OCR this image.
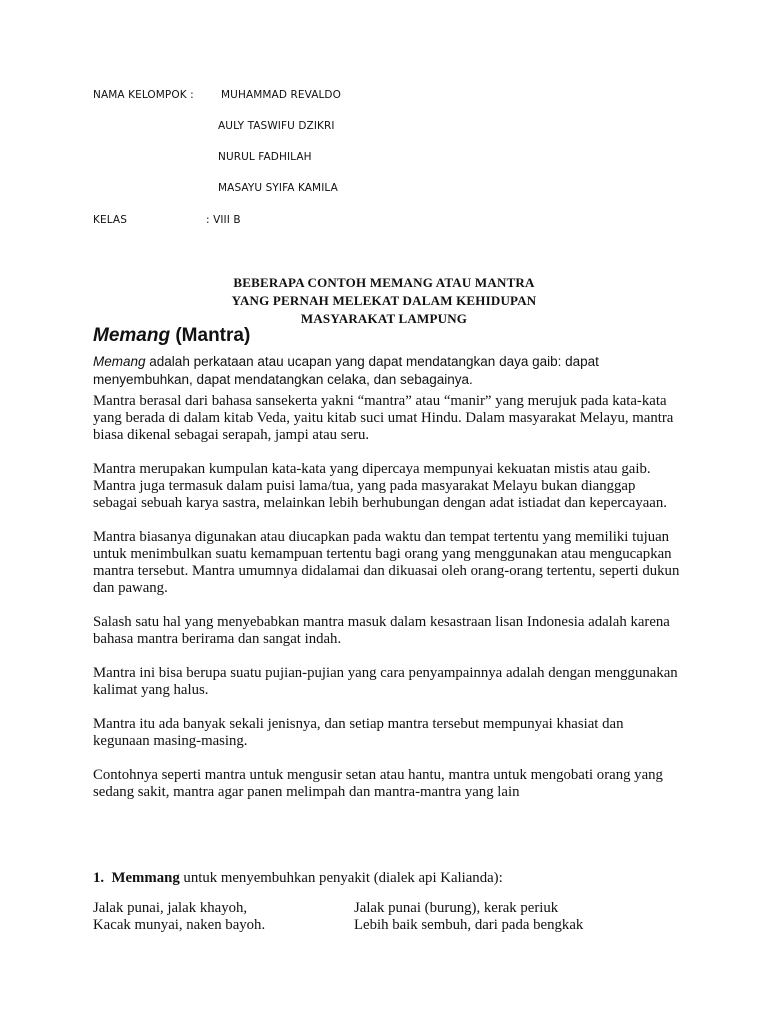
NAMA KELOMPOK :	MUHAMMAD REVALDO
AULY TASWIFU DZIKRI
NURUL FADHILAH
MASAYU SYIFA KAMILA
KELAS	: VIII B
BEBERAPA CONTOH MEMANG ATAU MANTRA
YANG PERNAH MELEKAT DALAM KEHIDUPAN
MASYARAKAT LAMPUNG
Memang (Mantra)
Memang adalah perkataan atau ucapan yang dapat mendatangkan daya gaib: dapat menyembuhkan, dapat mendatangkan celaka, dan sebagainya.

Mantra berasal dari bahasa sansekerta yakni “mantra” atau “manir” yang merujuk pada kata-kata yang berada di dalam kitab Veda, yaitu kitab suci umat Hindu. Dalam masyarakat Melayu, mantra biasa dikenal sebagai serapah, jampi atau seru.

Mantra merupakan kumpulan kata-kata yang dipercaya mempunyai kekuatan mistis atau gaib. Mantra juga termasuk dalam puisi lama/tua, yang pada masyarakat Melayu bukan dianggap sebagai sebuah karya sastra, melainkan lebih berhubungan dengan adat istiadat dan kepercayaan.

Mantra biasanya digunakan atau diucapkan pada waktu dan tempat tertentu yang memiliki tujuan untuk menimbulkan suatu kemampuan tertentu bagi orang yang menggunakan atau mengucapkan mantra tersebut. Mantra umumnya didalamai dan dikuasai oleh orang-orang tertentu, seperti dukun dan pawang.

Salash satu hal yang menyebabkan mantra masuk dalam kesastraan lisan Indonesia adalah karena bahasa mantra berirama dan sangat indah.

Mantra ini bisa berupa suatu pujian-pujian yang cara penyampainnya adalah dengan menggunakan kalimat yang halus.

Mantra itu ada banyak sekali jenisnya, dan setiap mantra tersebut mempunyai khasiat dan kegunaan masing-masing.

Contohnya seperti mantra untuk mengusir setan atau hantu, mantra untuk mengobati orang yang sedang sakit, mantra agar panen melimpah dan mantra-mantra yang lain

1. Memmang untuk menyembuhkan penyakit (dialek api Kalianda):
Jalak punai, jalak khayoh,
Kacak munyai, naken bayoh.
Jalak punai (burung), kerak periuk
Lebih baik sembuh, dari pada bengkak
